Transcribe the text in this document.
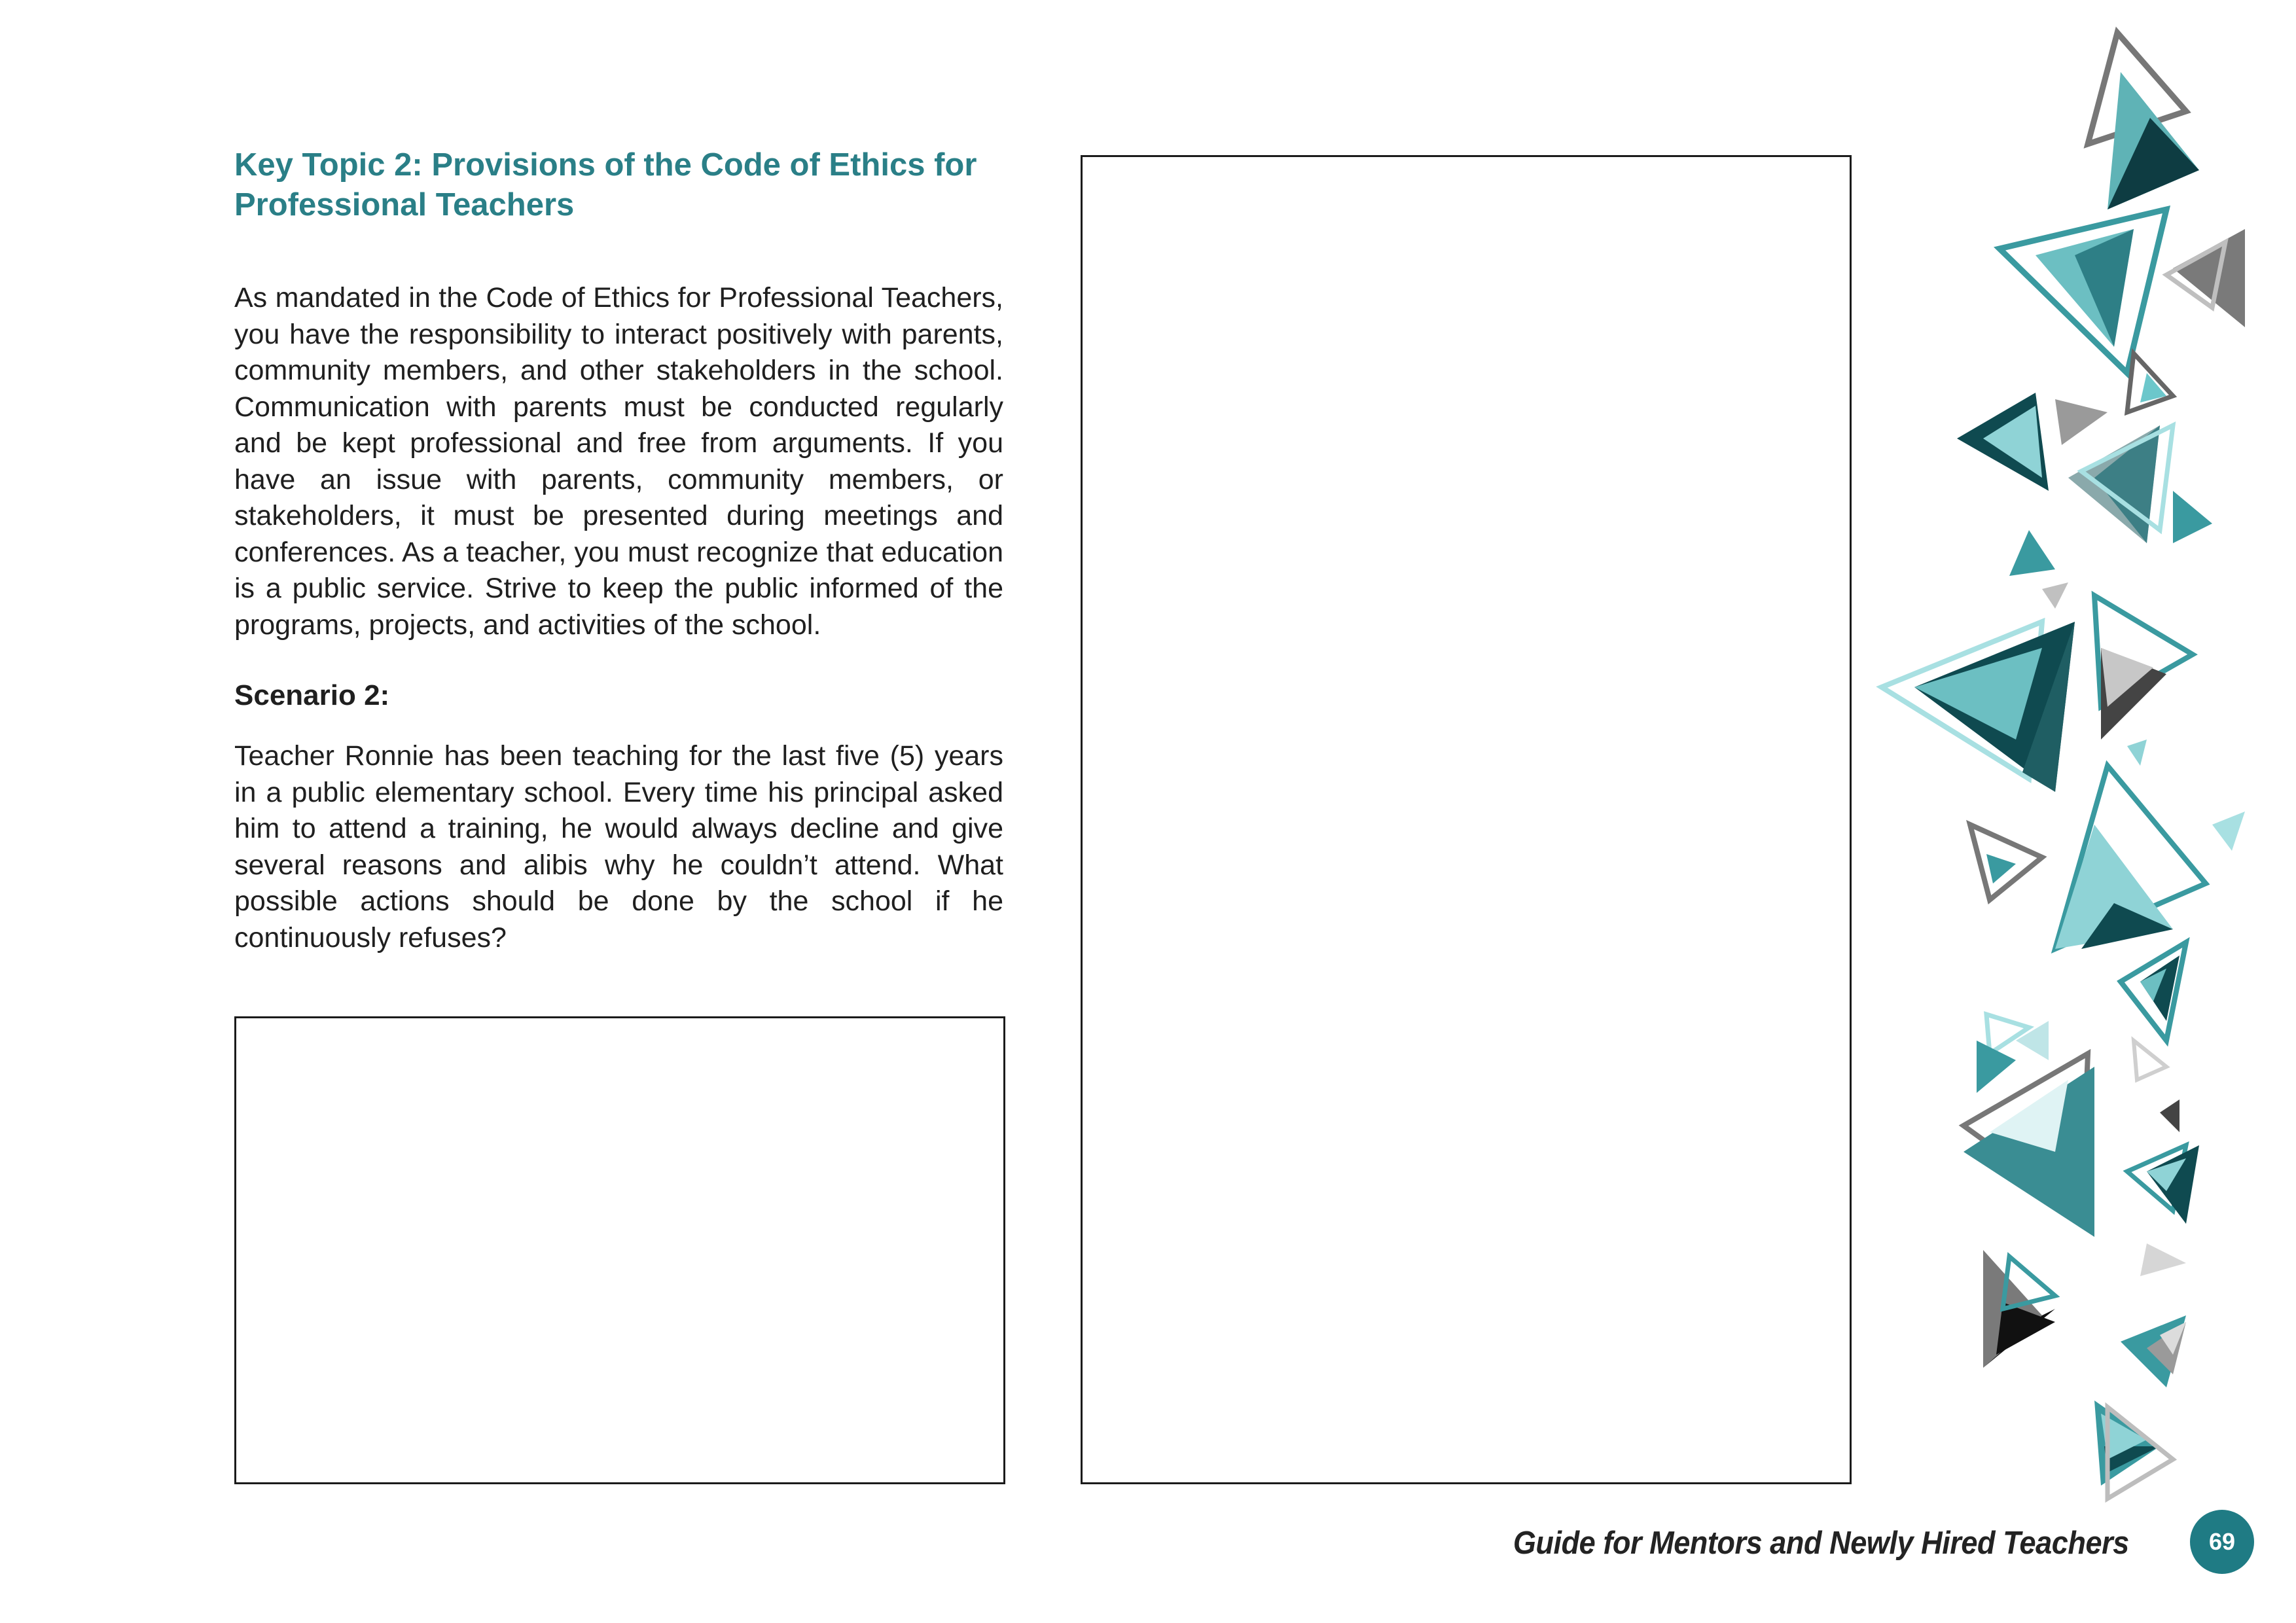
Key Topic 2: Provisions of the Code of Ethics for
Professional Teachers

As mandated in the Code of Ethics for Professional Teachers, you have the responsibility to interact positively with parents, community members, and other stakeholders in the school. Communication with parents must be conducted regularly and be kept professional and free from arguments. If you have an issue with parents, community members, or stakeholders, it must be presented during meetings and conferences. As a teacher, you must recognize that education is a public service. Strive to keep the public informed of the programs, projects, and activities of the school.

Scenario 2:

Teacher Ronnie has been teaching for the last five (5) years in a public elementary school. Every time his principal asked him to attend a training, he would always decline and give several reasons and alibis why he couldn’t attend. What possible actions should be done by the school if he continuously refuses?

Guide for Mentors and Newly Hired Teachers	69
